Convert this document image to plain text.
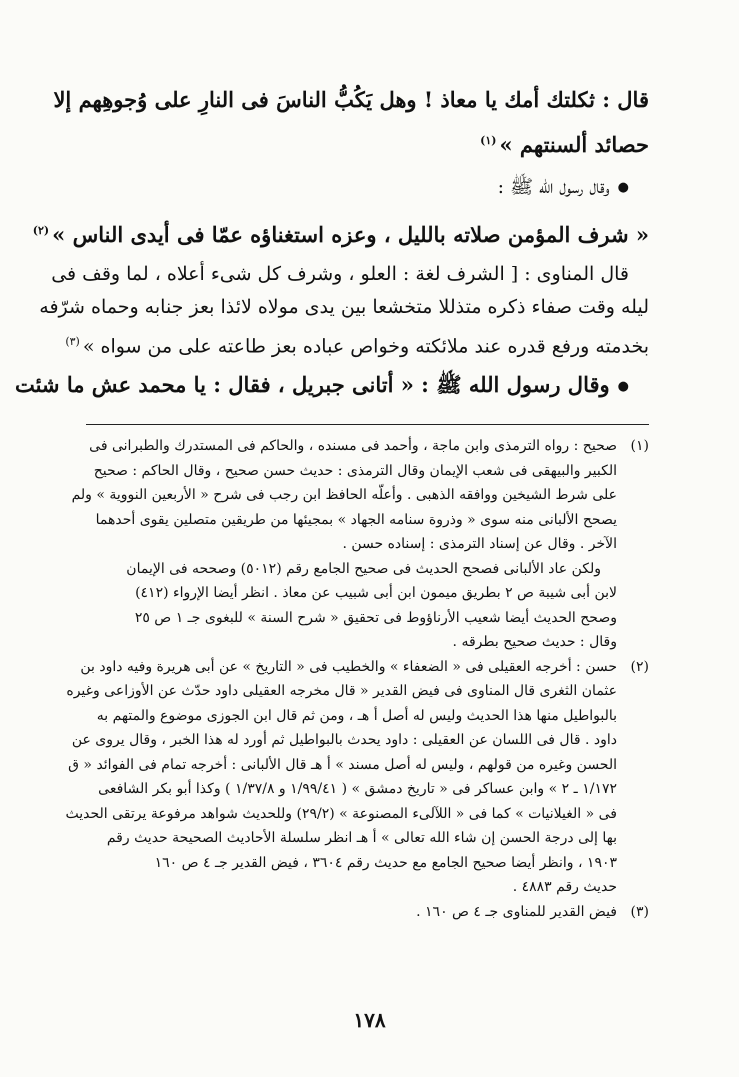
قال : ثكلتك أمك يا معاذ ! وهل يَكُبُّ الناسَ فى النارِ على وُجوهِهم إلا
حصائد ألسنتهم »$^{(١)}$
● وقال رسول الله ﷺ :
« شرف المؤمن صلاته بالليل ، وعزه استغناؤه عمّا فى أيدى الناس »$^{(٢)}$
قال المناوى : [ الشرف لغة : العلو ، وشرف كل شىء أعلاه ، لما وقف فى
ليله وقت صفاء ذكره متذللا متخشعا بين يدى مولاه لائذا بعز جنابه وحماه شرّفه
بخدمته ورفع قدره عند ملائكته وخواص عباده بعز طاعته على من سواه »$^{(٣)}$
● وقال رسول الله ﷺ : « أتانى جبريل ، فقال : يا محمد عش ما شئت
(١)صحيح : رواه الترمذى وابن ماجة ، وأحمد فى مسنده ، والحاكم فى المستدرك والطبرانى فى
الكبير والبيهقى فى شعب الإيمان وقال الترمذى : حديث حسن صحيح ، وقال الحاكم : صحيح
على شرط الشيخين ووافقه الذهبى . وأعلّه الحافظ ابن رجب فى شرح « الأربعين النووية » ولم
يصحح الألبانى منه سوى « وذروة سنامه الجهاد » بمجيئها من طريقين متصلين يقوى أحدهما
الآخر . وقال عن إسناد الترمذى : إسناده حسن .
ولكن عاد الألبانى فصحح الحديث فى صحيح الجامع رقم (٥٠١٢) وصححه فى الإيمان
لابن أبى شيبة ص ٢ بطريق ميمون ابن أبى شبيب عن معاذ . انظر أيضا الإرواء (٤١٢)
وصحح الحديث أيضا شعيب الأرناؤوط فى تحقيق « شرح السنة » للبغوى جـ ١ ص ٢٥
وقال : حديث صحيح بطرقه .
(٢)حسن : أخرجه العقيلى فى « الضعفاء » والخطيب فى « التاريخ » عن أبى هريرة وفيه داود بن
عثمان الثغرى قال المناوى فى فيض القدير « قال مخرجه العقيلى داود حدّث عن الأوزاعى وغيره
بالبواطيل منها هذا الحديث وليس له أصل أ هـ ، ومن ثم قال ابن الجوزى موضوع والمتهم به
داود . قال فى اللسان عن العقيلى : داود يحدث بالبواطيل ثم أورد له هذا الخبر ، وقال يروى عن
الحسن وغيره من قولهم ، وليس له أصل مسند » أ هـ قال الألبانى : أخرجه تمام فى الفوائد « ق
١/١٧٢ ـ ٢ » وابن عساكر فى « تاريخ دمشق » ( ١/٩٩/٤١ و ١/٣٧/٨ ) وكذا أبو بكر الشافعى
فى « الغيلانيات » كما فى « اللآلىء المصنوعة » (٢٩/٢) وللحديث شواهد مرفوعة يرتقى الحديث
بها إلى درجة الحسن إن شاء الله تعالى » أ هـ انظر سلسلة الأحاديث الصحيحة حديث رقم
١٩٠٣ ، وانظر أيضا صحيح الجامع مع حديث رقم ٣٦٠٤ ، فيض القدير جـ ٤ ص ١٦٠
حديث رقم ٤٨٨٣ .
(٣)فيض القدير للمناوى جـ ٤ ص ١٦٠ .
١٧٨
